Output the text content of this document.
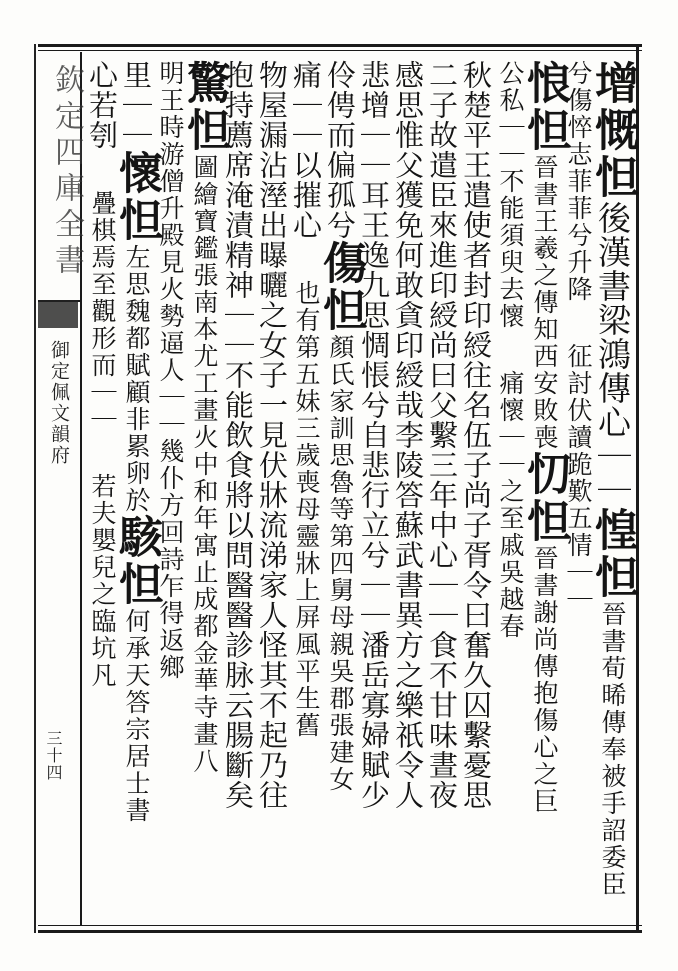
欽定四庫全書
御定佩文韻府
三十四
增慨怛後漢書梁鴻傳心｜｜惶怛晉書荀晞傳奉被手詔委臣
兮傷悴志菲菲兮升降 征討伏讀跪歎五情｜｜
悢怛晉書王羲之傳知西安敗喪忉怛晉書謝尚傳抱傷心之巨
公私｜｜不能須臾去懷 痛懷｜｜之至戚吳越春
秋楚平王遣使者封印綬往名伍子尚子胥令曰奮久囚繫憂思
二子故遣臣來進印綬尚曰父繫三年中心｜｜食不甘味晝夜
感思惟父獲免何敢貪印綬哉李陵答蘇武書異方之樂祇令人
悲增｜｜耳王逸九思惆悵兮自悲行立兮｜｜潘岳寡婦賦少
伶俜而偏孤兮傷怛顏氏家訓思魯等第四舅母親吳郡張建女
痛｜｜以摧心 也有第五妹三歲喪母靈牀上屏風平生舊
物屋漏沾溼出曝曬之女子一見伏牀流涕家人怪其不起乃往
抱持薦席淹漬精神｜｜不能飲食將以問醫醫診脉云腸斷矣
驚怛圖繪寶鑑張南本尤工畫火中和年寓止成都金華寺畫八
明王時游僧升殿見火勢逼人｜｜幾仆方回詩乍得返鄉
里｜｜懷怛左思魏都賦顧非累卵於駭怛何承天答宗居士書
心若刳 疊棋焉至觀形而｜｜ 若夫嬰兒之臨坑凡
